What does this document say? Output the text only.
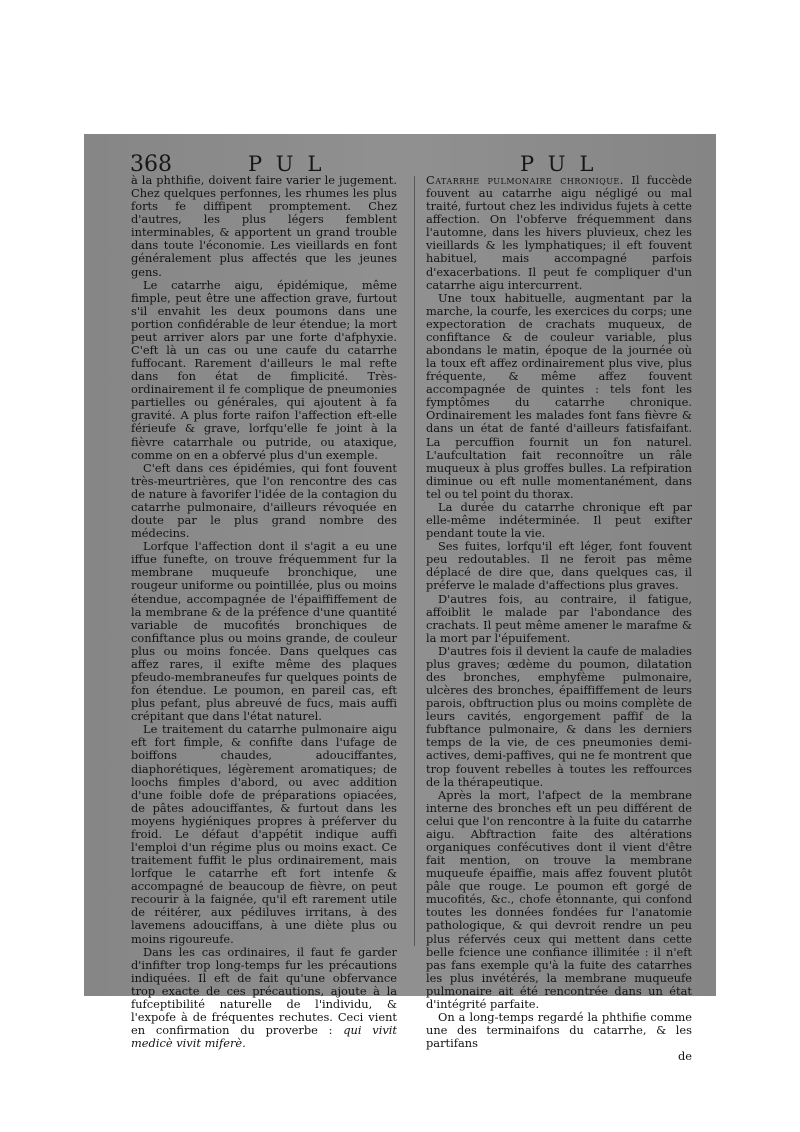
368	PUL	PUL

à la phthifie, doivent faire varier le jugement. Chez quelques perfonnes, les rhumes les plus forts fe diffipent promptement. Chez d'autres, les plus légers femblent interminables, & apportent un grand trouble dans toute l'économie. Les vieillards en font généralement plus affectés que les jeunes gens.

Le catarrhe aigu, épidémique, même fimple, peut être une affection grave, furtout s'il envahit les deux poumons dans une portion confidérable de leur étendue; la mort peut arriver alors par une forte d'afphyxie. C'eft là un cas ou une caufe du catarrhe fuffocant. Rarement d'ailleurs le mal refte dans fon état de fimplicité. Très-ordinairement il fe complique de pneumonies partielles ou générales, qui ajoutent à fa gravité. A plus forte raifon l'affection eft-elle férieufe & grave, lorfqu'elle fe joint à la fièvre catarrhale ou putride, ou ataxique, comme on en a obfervé plus d'un exemple.

C'eft dans ces épidémies, qui font fouvent très-meurtrières, que l'on rencontre des cas de nature à favorifer l'idée de la contagion du catarrhe pulmonaire, d'ailleurs révoquée en doute par le plus grand nombre des médecins.

Lorfque l'affection dont il s'agit a eu une iffue funefte, on trouve fréquemment fur la membrane muqueufe bronchique, une rougeur uniforme ou pointillée, plus ou moins étendue, accompagnée de l'épaiffiffement de la membrane & de la préfence d'une quantité variable de mucofités bronchiques de confiftance plus ou moins grande, de couleur plus ou moins foncée. Dans quelques cas affez rares, il exifte même des plaques pfeudo-membraneufes fur quelques points de fon étendue. Le poumon, en pareil cas, eft plus pefant, plus abreuvé de fucs, mais auffi crépitant que dans l'état naturel.

Le traitement du catarrhe pulmonaire aigu eft fort fimple, & confifte dans l'ufage de boiffons chaudes, adouciffantes, diaphorétiques, légèrement aromatiques; de loochs fimples d'abord, ou avec addition d'une foible dofe de préparations opiacées, de pâtes adouciffantes, & furtout dans les moyens hygiéniques propres à préferver du froid. Le défaut d'appétit indique auffi l'emploi d'un régime plus ou moins exact. Ce traitement fuffit le plus ordinairement, mais lorfque le catarrhe eft fort intenfe & accompagné de beaucoup de fièvre, on peut recourir à la faignée, qu'il eft rarement utile de réitérer, aux pédiluves irritans, à des lavemens adouciffans, à une diète plus ou moins rigoureufe.

Dans les cas ordinaires, il faut fe garder d'infifter trop long-temps fur les précautions indiquées. Il eft de fait qu'une obfervance trop exacte de ces précautions, ajoute à la fufceptibilité naturelle de l'individu, & l'expofe à de fréquentes rechutes. Ceci vient en confirmation du proverbe : qui vivit medicè vivit miferè.

Catarrhe pulmonaire chronique. Il fuccède fouvent au catarrhe aigu négligé ou mal traité, furtout chez les individus fujets à cette affection. On l'obferve fréquemment dans l'automne, dans les hivers pluvieux, chez les vieillards & les lymphatiques; il eft fouvent habituel, mais accompagné parfois d'exacerbations. Il peut fe compliquer d'un catarrhe aigu intercurrent.

Une toux habituelle, augmentant par la marche, la courfe, les exercices du corps; une expectoration de crachats muqueux, de confiftance & de couleur variable, plus abondans le matin, époque de la journée où la toux eft affez ordinairement plus vive, plus fréquente, & même affez fouvent accompagnée de quintes : tels font les fymptômes du catarrhe chronique. Ordinairement les malades font fans fièvre & dans un état de fanté d'ailleurs fatisfaifant. La percuffion fournit un fon naturel. L'aufcultation fait reconnoître un râle muqueux à plus groffes bulles. La refpiration diminue ou eft nulle momentanément, dans tel ou tel point du thorax.

La durée du catarrhe chronique eft par elle-même indéterminée. Il peut exifter pendant toute la vie.

Ses fuites, lorfqu'il eft léger, font fouvent peu redoutables. Il ne feroit pas même déplacé de dire que, dans quelques cas, il préferve le malade d'affections plus graves.

D'autres fois, au contraire, il fatigue, affoiblit le malade par l'abondance des crachats. Il peut même amener le marafme & la mort par l'épuifement.

D'autres fois il devient la caufe de maladies plus graves; œdème du poumon, dilatation des bronches, emphyfème pulmonaire, ulcères des bronches, épaiffiffement de leurs parois, obftruction plus ou moins complète de leurs cavités, engorgement paffif de la fubftance pulmonaire, & dans les derniers temps de la vie, de ces pneumonies demi-actives, demi-paffives, qui ne fe montrent que trop fouvent rebelles à toutes les reffources de la thérapeutique.

Après la mort, l'afpect de la membrane interne des bronches eft un peu différent de celui que l'on rencontre à la fuite du catarrhe aigu. Abftraction faite des altérations organiques confécutives dont il vient d'être fait mention, on trouve la membrane muqueufe épaiffie, mais affez fouvent plutôt pâle que rouge. Le poumon eft gorgé de mucofités, &c., chofe étonnante, qui confond toutes les données fondées fur l'anatomie pathologique, & qui devroit rendre un peu plus réfervés ceux qui mettent dans cette belle fcience une confiance illimitée : il n'eft pas fans exemple qu'à la fuite des catarrhes les plus invétérés, la membrane muqueufe pulmonaire ait été rencontrée dans un état d'intégrité parfaite.

On a long-temps regardé la phthifie comme une des terminaifons du catarrhe, & les partifans

de
